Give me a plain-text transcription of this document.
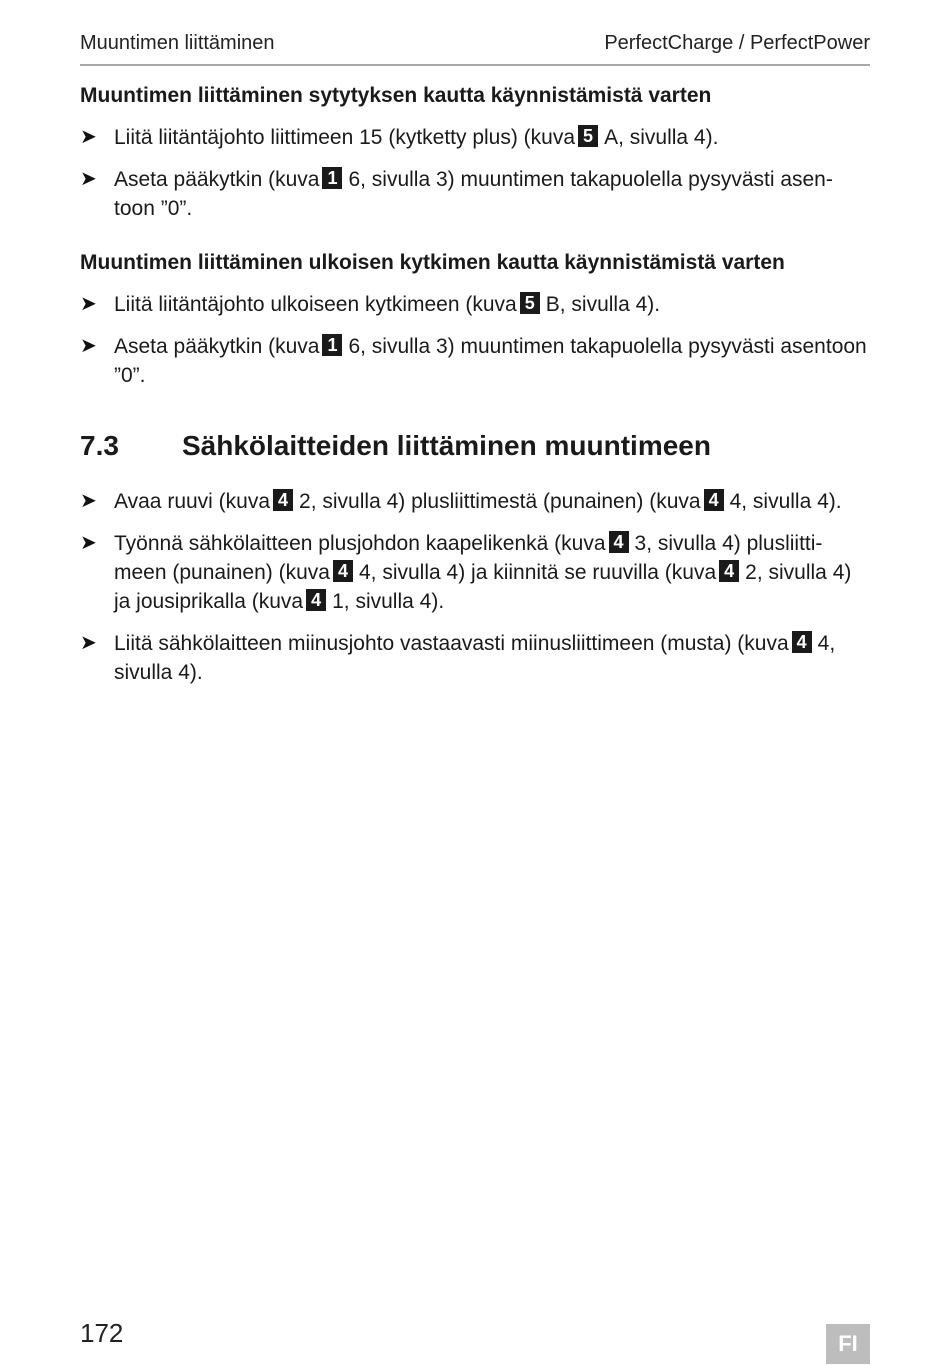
Muuntimen liittäminen	PerfectCharge / PerfectPower
Muuntimen liittäminen sytytyksen kautta käynnistämistä varten
➤ Liitä liitäntäjohto liittimeen 15 (kytketty plus) (kuva 5 A, sivulla 4).
➤ Aseta pääkytkin (kuva 1 6, sivulla 3) muuntimen takapuolella pysyvästi asen-toon ”0”.
Muuntimen liittäminen ulkoisen kytkimen kautta käynnistämistä varten
➤ Liitä liitäntäjohto ulkoiseen kytkimeen (kuva 5 B, sivulla 4).
➤ Aseta pääkytkin (kuva 1 6, sivulla 3) muuntimen takapuolella pysyvästi asentoon ”0”.
7.3	Sähkölaitteiden liittäminen muuntimeen
➤ Avaa ruuvi (kuva 4 2, sivulla 4) plusliittimestä (punainen) (kuva 4 4, sivulla 4).
➤ Työnnä sähkölaitteen plusjohdon kaapelikenkä (kuva 4 3, sivulla 4) plusliitti-meen (punainen) (kuva 4 4, sivulla 4) ja kiinnitä se ruuvilla (kuva 4 2, sivulla 4) ja jousiprikalla (kuva 4 1, sivulla 4).
➤ Liitä sähkölaitteen miinusjohto vastaavasti miinusliittimeen (musta) (kuva 4 4, sivulla 4).
172	FI
